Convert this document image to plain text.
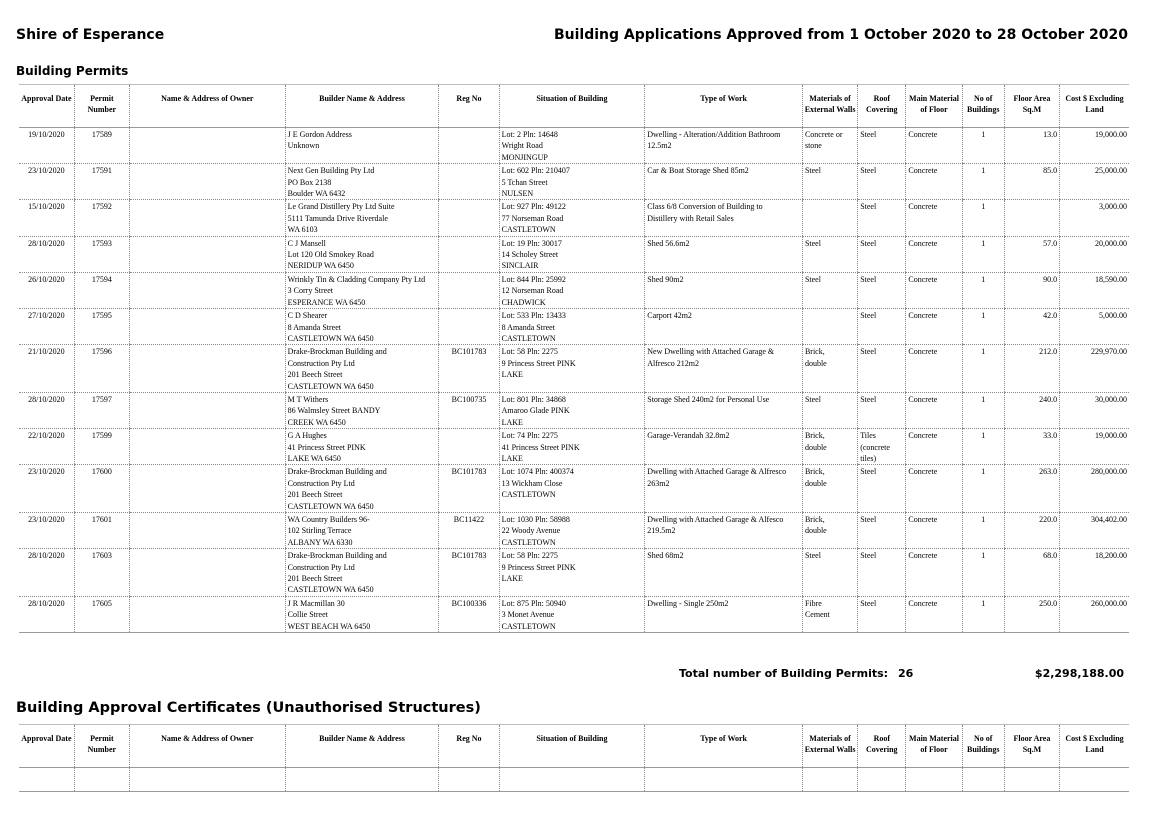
Shire of Esperance	Building Applications Approved from 1 October 2020 to 28 October 2020
Building Permits
Approval Date	Permit Number	Name & Address of Owner	Builder Name & Address	Reg No	Situation of Building	Type of Work	Materials of External Walls	Roof Covering	Main Material of Floor	No of Buildings	Floor Area Sq.M	Cost $ Excluding Land
19/10/2020	17589		J E Gordon Address
Unknown		Lot: 2 Pln: 14648
Wright Road
MONJINGUP	Dwelling - Alteration/Addition Bathroom
12.5m2	Concrete or
stone	Steel	Concrete	1	13.0	19,000.00
23/10/2020	17591		Next Gen Building Pty Ltd
PO Box 2138
Boulder WA 6432		Lot: 602 Pln: 210407
5 Tchan Street
NULSEN	Car & Boat Storage Shed 85m2	Steel	Steel	Concrete	1	85.0	25,000.00
15/10/2020	17592		Le Grand Distillery Pty Ltd Suite
5111 Tamunda Drive Riverdale
WA 6103		Lot: 927 Pln: 49122
77 Norseman Road
CASTLETOWN	Class 6/8 Conversion of Building to
Distillery with Retail Sales		Steel	Concrete	1		3,000.00
28/10/2020	17593		C J Mansell
Lot 120 Old Smokey Road
NERIDUP WA 6450		Lot: 19 Pln: 30017
14 Scholey Street
SINCLAIR	Shed 56.6m2	Steel	Steel	Concrete	1	57.0	20,000.00
26/10/2020	17594		Wrinkly Tin & Cladding Company Pty Ltd
3 Corry Street
ESPERANCE WA 6450		Lot: 844 Pln: 25992
12 Norseman Road
CHADWICK	Shed 90m2	Steel	Steel	Concrete	1	90.0	18,590.00
27/10/2020	17595		C D Shearer
8 Amanda Street
CASTLETOWN WA 6450		Lot: 533 Pln: 13433
8 Amanda Street
CASTLETOWN	Carport 42m2		Steel	Concrete	1	42.0	5,000.00
21/10/2020	17596		Drake-Brockman Building and
Construction Pty Ltd
201 Beech Street
CASTLETOWN WA 6450	BC101783	Lot: 58 Pln: 2275
9 Princess Street PINK
LAKE	New Dwelling with Attached Garage &
Alfresco 212m2	Brick,
double	Steel	Concrete	1	212.0	229,970.00
28/10/2020	17597		M T Withers
86 Walmsley Street BANDY
CREEK WA 6450	BC100735	Lot: 801 Pln: 34868
Amaroo Glade PINK
LAKE	Storage Shed 240m2 for Personal Use	Steel	Steel	Concrete	1	240.0	30,000.00
22/10/2020	17599		G A Hughes
41 Princess Street PINK
LAKE WA 6450		Lot: 74 Pln: 2275
41 Princess Street PINK
LAKE	Garage-Verandah 32.8m2	Brick,
double	Tiles
(concrete
tiles)	Concrete	1	33.0	19,000.00
23/10/2020	17600		Drake-Brockman Building and
Construction Pty Ltd
201 Beech Street
CASTLETOWN WA 6450	BC101783	Lot: 1074 Pln: 400374
13 Wickham Close
CASTLETOWN	Dwelling with Attached Garage & Alfresco
263m2	Brick,
double	Steel	Concrete	1	263.0	280,000.00
23/10/2020	17601		WA Country Builders 96-
102 Stirling Terrace
ALBANY WA 6330	BC11422	Lot: 1030 Pln: 58988
22 Woody Avenue
CASTLETOWN	Dwelling with Attached Garage & Alfesco
219.5m2	Brick,
double	Steel	Concrete	1	220.0	304,402.00
28/10/2020	17603		Drake-Brockman Building and
Construction Pty Ltd
201 Beech Street
CASTLETOWN WA 6450	BC101783	Lot: 58 Pln: 2275
9 Princess Street PINK
LAKE	Shed 68m2	Steel	Steel	Concrete	1	68.0	18,200.00
28/10/2020	17605		J R Macmillan 30
Collie Street
WEST BEACH WA 6450	BC100336	Lot: 875 Pln: 50940
3 Monet Avenue
CASTLETOWN	Dwelling - Single 250m2	Fibre
Cement	Steel	Concrete	1	250.0	260,000.00
Total number of Building Permits: 26	$2,298,188.00
Building Approval Certificates (Unauthorised Structures)
Approval Date	Permit Number	Name & Address of Owner	Builder Name & Address	Reg No	Situation of Building	Type of Work	Materials of External Walls	Roof Covering	Main Material of Floor	No of Buildings	Floor Area Sq.M	Cost $ Excluding Land
